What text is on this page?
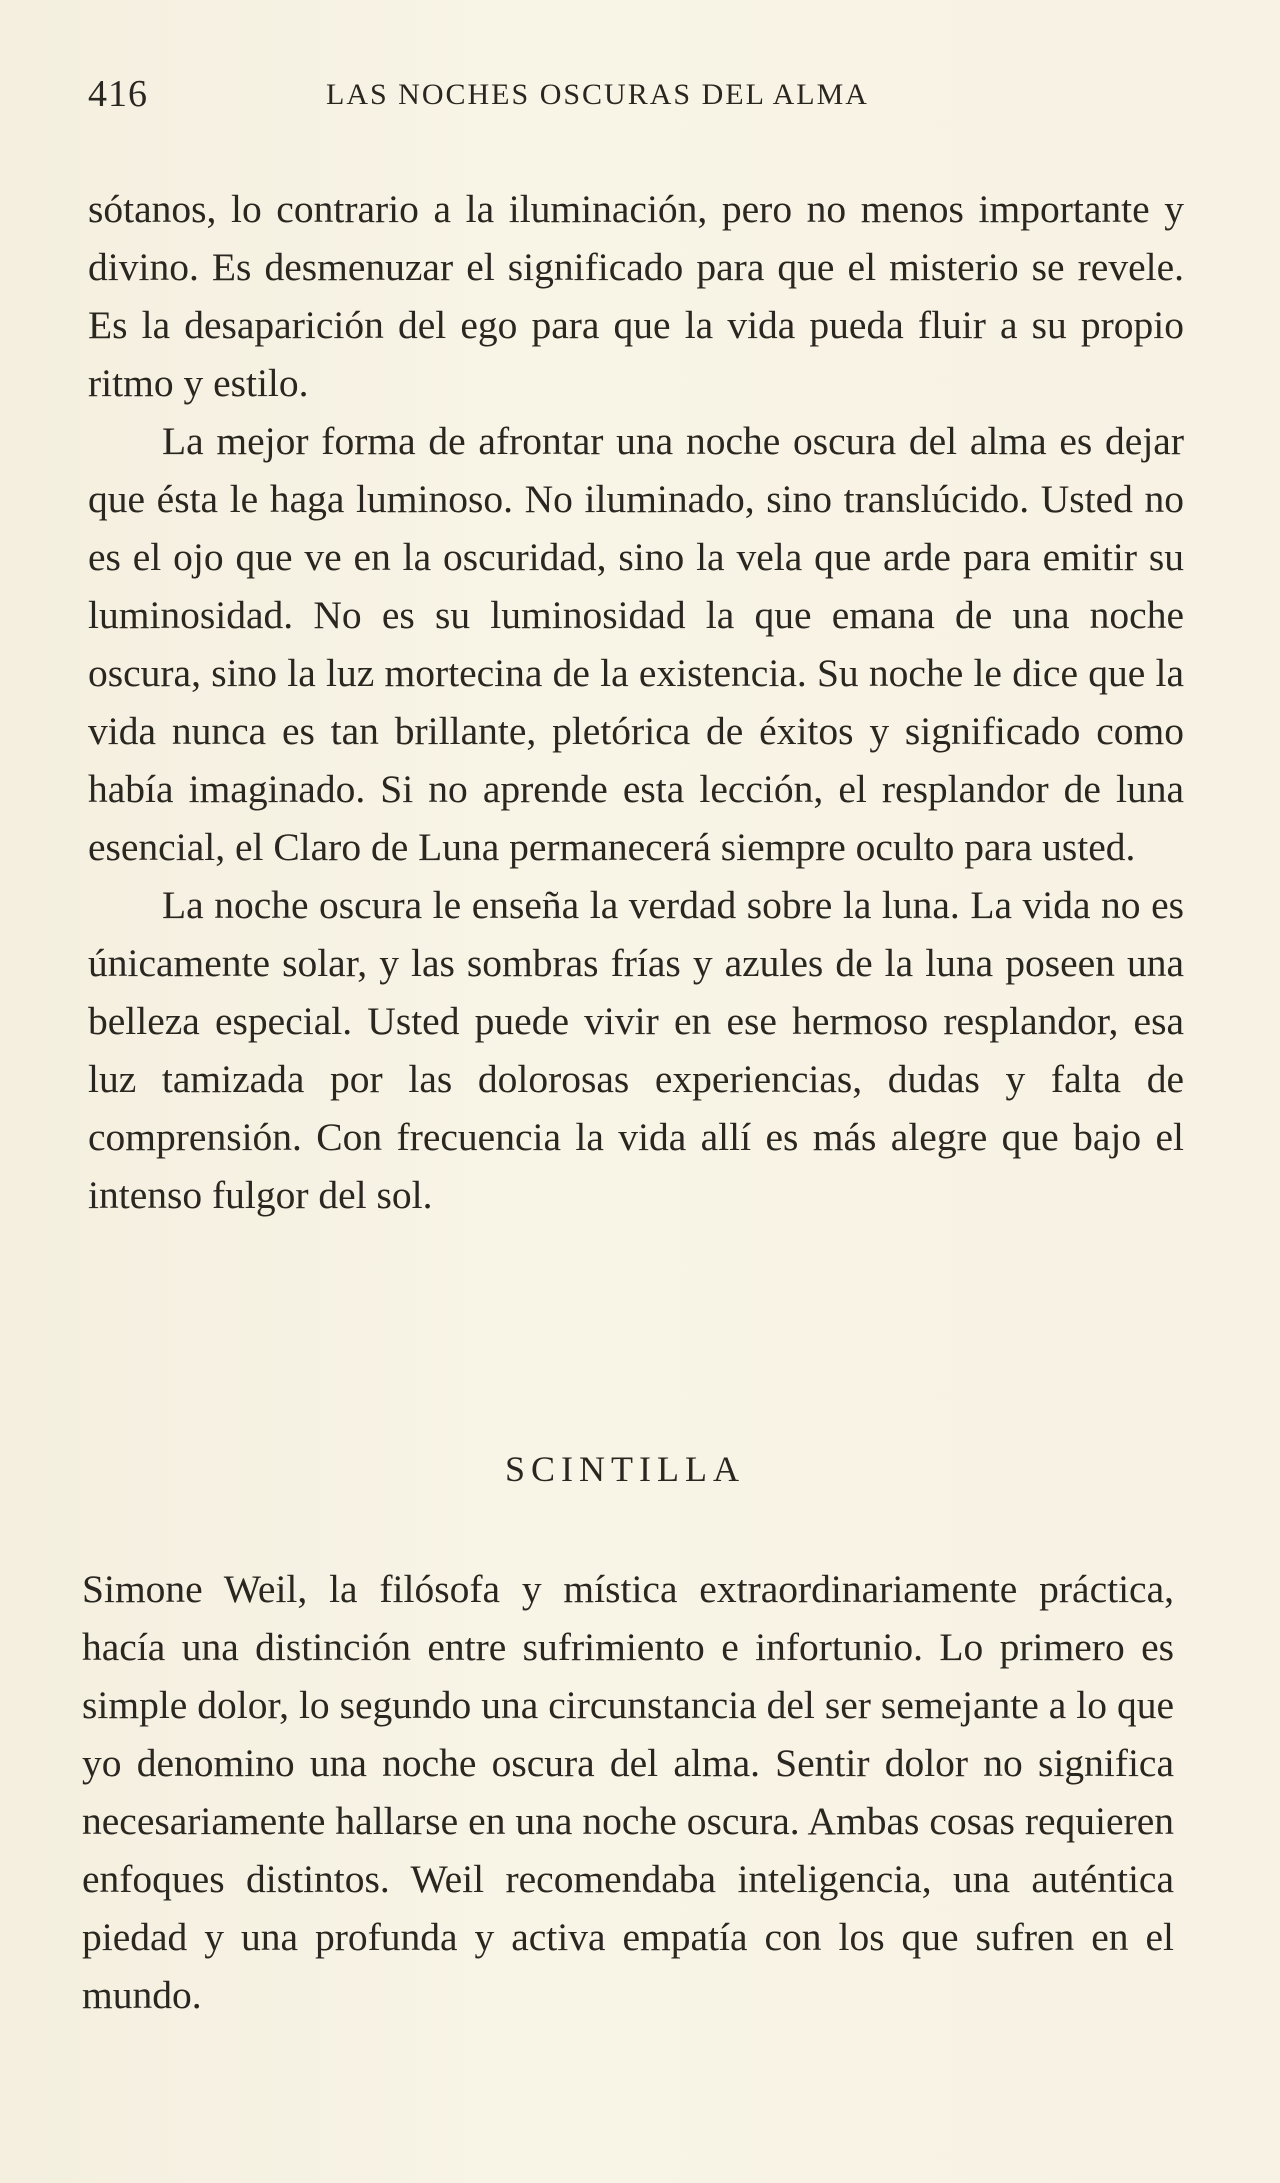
416	LAS NOCHES OSCURAS DEL ALMA

sótanos, lo contrario a la iluminación, pero no menos importante y divino. Es desmenuzar el significado para que el misterio se revele. Es la desaparición del ego para que la vida pueda fluir a su propio ritmo y estilo.

La mejor forma de afrontar una noche oscura del alma es dejar que ésta le haga luminoso. No iluminado, sino translúcido. Usted no es el ojo que ve en la oscuridad, sino la vela que arde para emitir su luminosidad. No es su luminosidad la que emana de una noche oscura, sino la luz mortecina de la existencia. Su noche le dice que la vida nunca es tan brillante, pletórica de éxitos y significado como había imaginado. Si no aprende esta lección, el resplandor de luna esencial, el Claro de Luna permanecerá siempre oculto para usted.

La noche oscura le enseña la verdad sobre la luna. La vida no es únicamente solar, y las sombras frías y azules de la luna poseen una belleza especial. Usted puede vivir en ese hermoso resplandor, esa luz tamizada por las dolorosas experiencias, dudas y falta de comprensión. Con frecuencia la vida allí es más alegre que bajo el intenso fulgor del sol.

SCINTILLA

Simone Weil, la filósofa y mística extraordinariamente práctica, hacía una distinción entre sufrimiento e infortunio. Lo primero es simple dolor, lo segundo una circunstancia del ser semejante a lo que yo denomino una noche oscura del alma. Sentir dolor no significa necesariamente hallarse en una noche oscura. Ambas cosas requieren enfoques distintos. Weil recomendaba inteligencia, una auténtica piedad y una profunda y activa empatía con los que sufren en el mundo.
